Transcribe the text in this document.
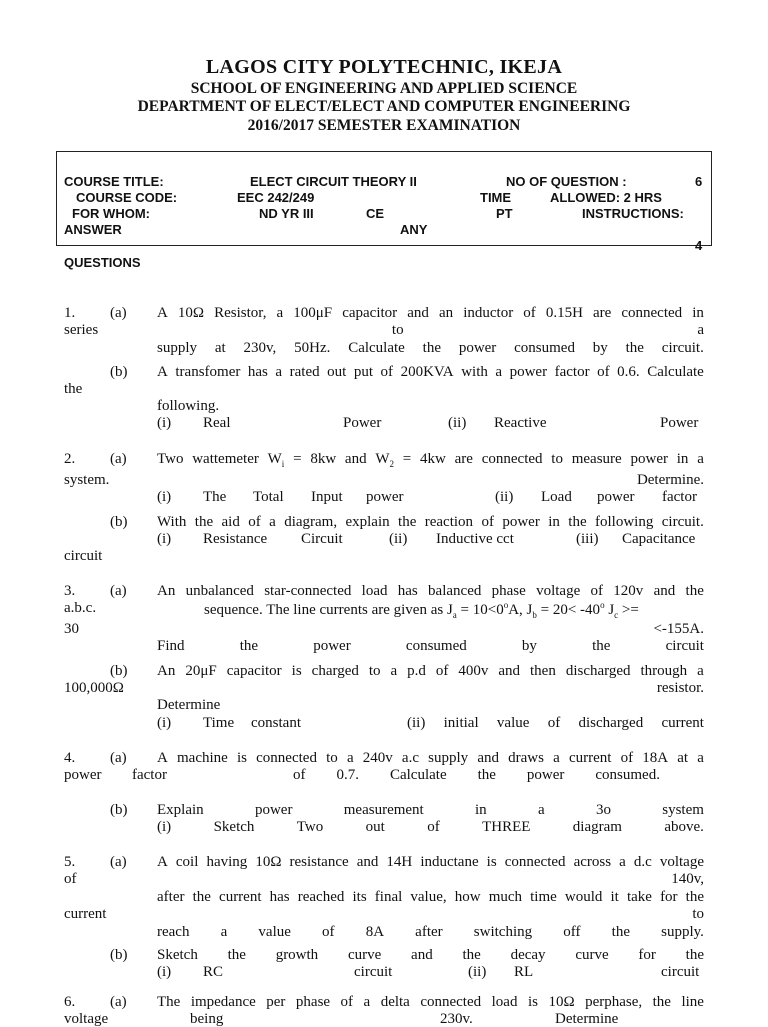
LAGOS CITY POLYTECHNIC, IKEJA
SCHOOL OF ENGINEERING AND APPLIED SCIENCE
DEPARTMENT OF ELECT/ELECT AND COMPUTER ENGINEERING
2016/2017 SEMESTER EXAMINATION
COURSE TITLE:	ELECT CIRCUIT THEORY II	NO OF QUESTION :	6
COURSE CODE:	EEC 242/249	TIME	ALLOWED: 2 HRS
FOR WHOM:	ND YR III	CE	PT	INSTRUCTIONS:
ANSWER	ANY
4
QUESTIONS
1. (a) A 10Ω Resistor, a 100μF capacitor and an inductor of 0.15H are connected in
series	to	a
supply at 230v, 50Hz. Calculate the power consumed by the circuit.
(b) A transfomer has a rated out put of 200KVA with a power factor of 0.6. Calculate
the
following.
(i) Real	Power	(ii) Reactive	Power
2. (a) Two wattemeter $W_i = 8kw$ and $W_2 = 4kw$ are connected to measure power in a
system.	Determine.
(i) The Total Input power	(ii) Load power factor
(b) With the aid of a diagram, explain the reaction of power in the following circuit.
(i) Resistance Circuit	(ii) Inductive cct	(iii) Capacitance
circuit
3. (a) An unbalanced star-connected load has balanced phase voltage of 120v and the
a.b.c.	sequence. The line currents are given as $J_a = 10<0^oA$, $J_b = 20< -40^o$ $J_c$ >=
30	<-155A.
Find	the	power	consumed	by	the	circuit
(b) An 20μF capacitor is charged to a p.d of 400v and then discharged through a
100,000Ω	resistor.
Determine
(i) Time constant	(ii) initial value of discharged current
4. (a) A machine is connected to a 240v a.c supply and draws a current of 18A at a
power factor	of 0.7. Calculate the power consumed.
(b) Explain	power	measurement	in	a	3ο	system
(i)	Sketch	Two	out	of	THREE	diagram	above.
5. (a) A coil having 10Ω resistance and 14H inductane is connected across a d.c voltage
of	140v,
after the current has reached its final value, how much time would it take for the
current	to
reach a value of 8A after switching off the supply.
(b) Sketch the growth curve and the decay curve for the
(i) RC	circuit	(ii) RL	circuit
6. (a) The impedance per phase of a delta connected load is 10Ω perphase, the line
voltage	being	230v.	Determine
